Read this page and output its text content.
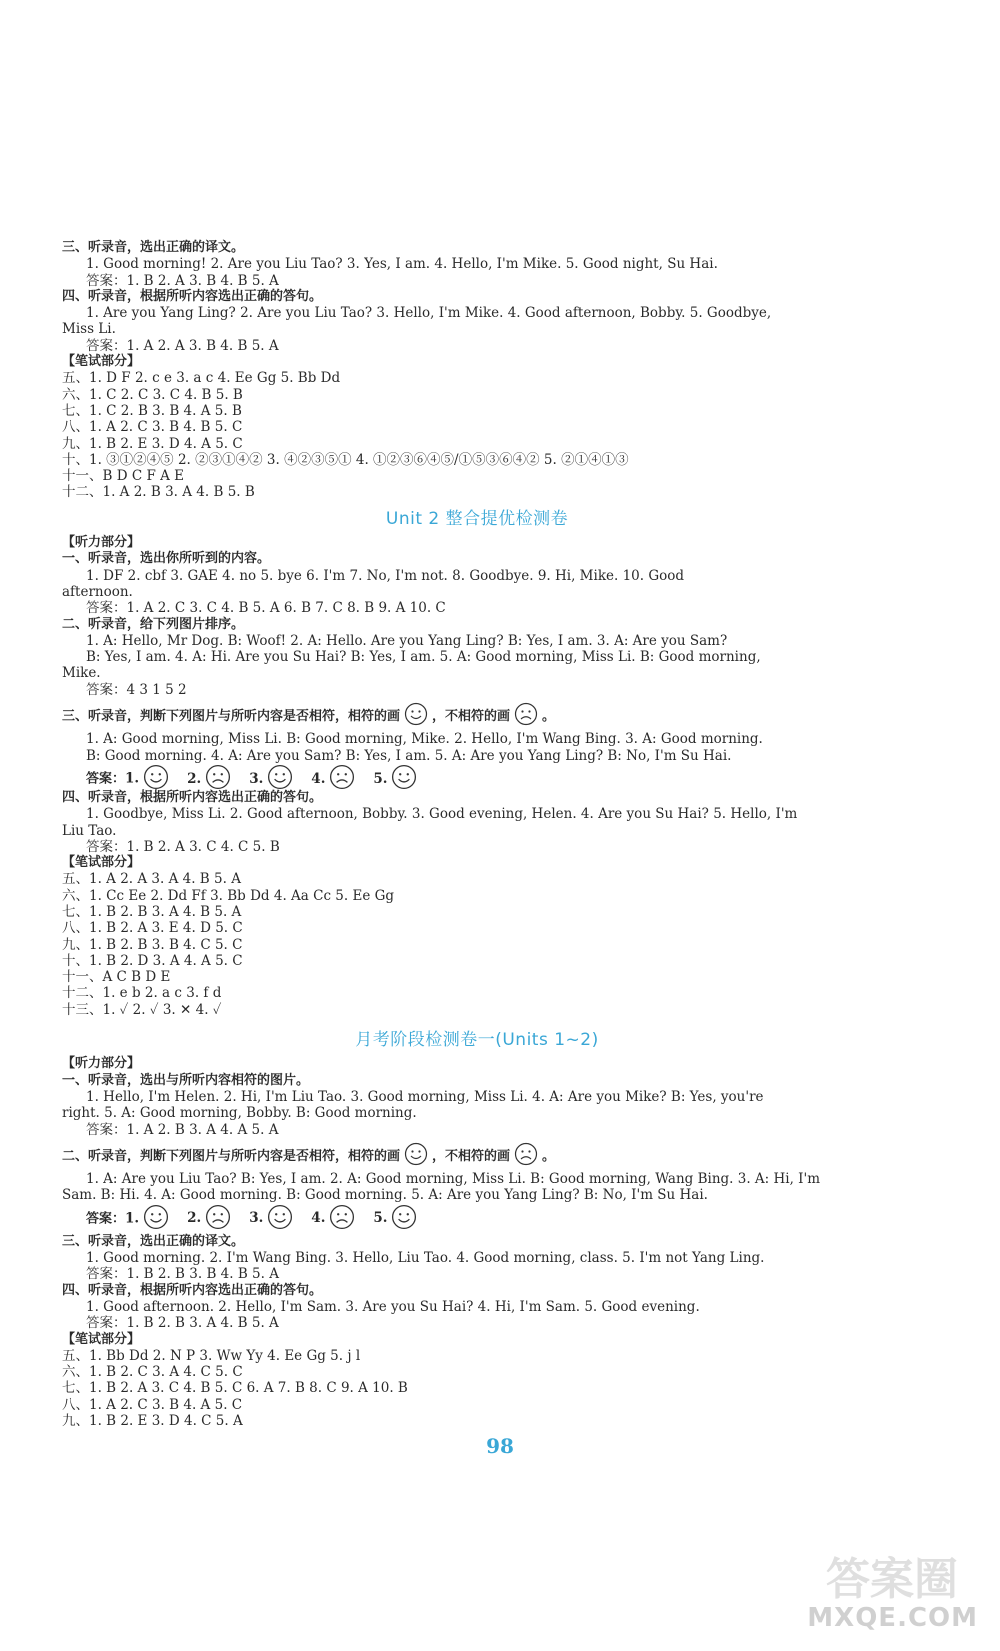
三、听录音，选出正确的译文。
1. Good morning! 2. Are you Liu Tao? 3. Yes, I am. 4. Hello, I'm Mike. 5. Good night, Su Hai.
答案：1. B 2. A 3. B 4. B 5. A
四、听录音，根据所听内容选出正确的答句。
1. Are you Yang Ling? 2. Are you Liu Tao? 3. Hello, I'm Mike. 4. Good afternoon, Bobby. 5. Goodbye,
Miss Li.
答案：1. A 2. A 3. B 4. B 5. A
【笔试部分】
五、1. D F 2. c e 3. a c 4. Ee Gg 5. Bb Dd
六、1. C 2. C 3. C 4. B 5. B
七、1. C 2. B 3. B 4. A 5. B
八、1. A 2. C 3. B 4. B 5. C
九、1. B 2. E 3. D 4. A 5. C
十、1. ③①②④⑤ 2. ②③①④② 3. ④②③⑤① 4. ①②③⑥④⑤/①⑤③⑥④② 5. ②①④①③
十一、B D C F A E
十二、1. A 2. B 3. A 4. B 5. B
Unit 2 整合提优检测卷
【听力部分】
一、听录音，选出你所听到的内容。
1. DF 2. cbf 3. GAE 4. no 5. bye 6. I'm 7. No, I'm not. 8. Goodbye. 9. Hi, Mike. 10. Good
afternoon.
答案：1. A 2. C 3. C 4. B 5. A 6. B 7. C 8. B 9. A 10. C
二、听录音，给下列图片排序。
1. A: Hello, Mr Dog. B: Woof! 2. A: Hello. Are you Yang Ling? B: Yes, I am. 3. A: Are you Sam?
B: Yes, I am. 4. A: Hi. Are you Su Hai? B: Yes, I am. 5. A: Good morning, Miss Li. B: Good morning,
Mike.
答案：4 3 1 5 2
三、听录音，判断下列图片与所听内容是否相符，相符的画 ，不相符的画 。
1. A: Good morning, Miss Li. B: Good morning, Mike. 2. Hello, I'm Wang Bing. 3. A: Good morning.
B: Good morning. 4. A: Are you Sam? B: Yes, I am. 5. A: Are you Yang Ling? B: No, I'm Su Hai.
答案：1.	2.	3.	4.	5.
四、听录音，根据所听内容选出正确的答句。
1. Goodbye, Miss Li. 2. Good afternoon, Bobby. 3. Good evening, Helen. 4. Are you Su Hai? 5. Hello, I'm
Liu Tao.
答案：1. B 2. A 3. C 4. C 5. B
【笔试部分】
五、1. A 2. A 3. A 4. B 5. A
六、1. Cc Ee 2. Dd Ff 3. Bb Dd 4. Aa Cc 5. Ee Gg
七、1. B 2. B 3. A 4. B 5. A
八、1. B 2. A 3. E 4. D 5. C
九、1. B 2. B 3. B 4. C 5. C
十、1. B 2. D 3. A 4. A 5. C
十一、A C B D E
十二、1. e b 2. a c 3. f d
十三、1. ✓ 2. ✓ 3. ✕ 4. ✓
月考阶段检测卷一(Units 1~2)
【听力部分】
一、听录音，选出与所听内容相符的图片。
1. Hello, I'm Helen. 2. Hi, I'm Liu Tao. 3. Good morning, Miss Li. 4. A: Are you Mike? B: Yes, you're
right. 5. A: Good morning, Bobby. B: Good morning.
答案：1. A 2. B 3. A 4. A 5. A
二、听录音，判断下列图片与所听内容是否相符，相符的画 ，不相符的画 。
1. A: Are you Liu Tao? B: Yes, I am. 2. A: Good morning, Miss Li. B: Good morning, Wang Bing. 3. A: Hi, I'm
Sam. B: Hi. 4. A: Good morning. B: Good morning. 5. A: Are you Yang Ling? B: No, I'm Su Hai.
答案：1.	2.	3.	4.	5.
三、听录音，选出正确的译文。
1. Good morning. 2. I'm Wang Bing. 3. Hello, Liu Tao. 4. Good morning, class. 5. I'm not Yang Ling.
答案：1. B 2. B 3. B 4. B 5. A
四、听录音，根据所听内容选出正确的答句。
1. Good afternoon. 2. Hello, I'm Sam. 3. Are you Su Hai? 4. Hi, I'm Sam. 5. Good evening.
答案：1. B 2. B 3. A 4. B 5. A
【笔试部分】
五、1. Bb Dd 2. N P 3. Ww Yy 4. Ee Gg 5. j l
六、1. B 2. C 3. A 4. C 5. C
七、1. B 2. A 3. C 4. B 5. C 6. A 7. B 8. C 9. A 10. B
八、1. A 2. C 3. B 4. A 5. C
九、1. B 2. E 3. D 4. C 5. A
98
答案圈
MXQE.COM
